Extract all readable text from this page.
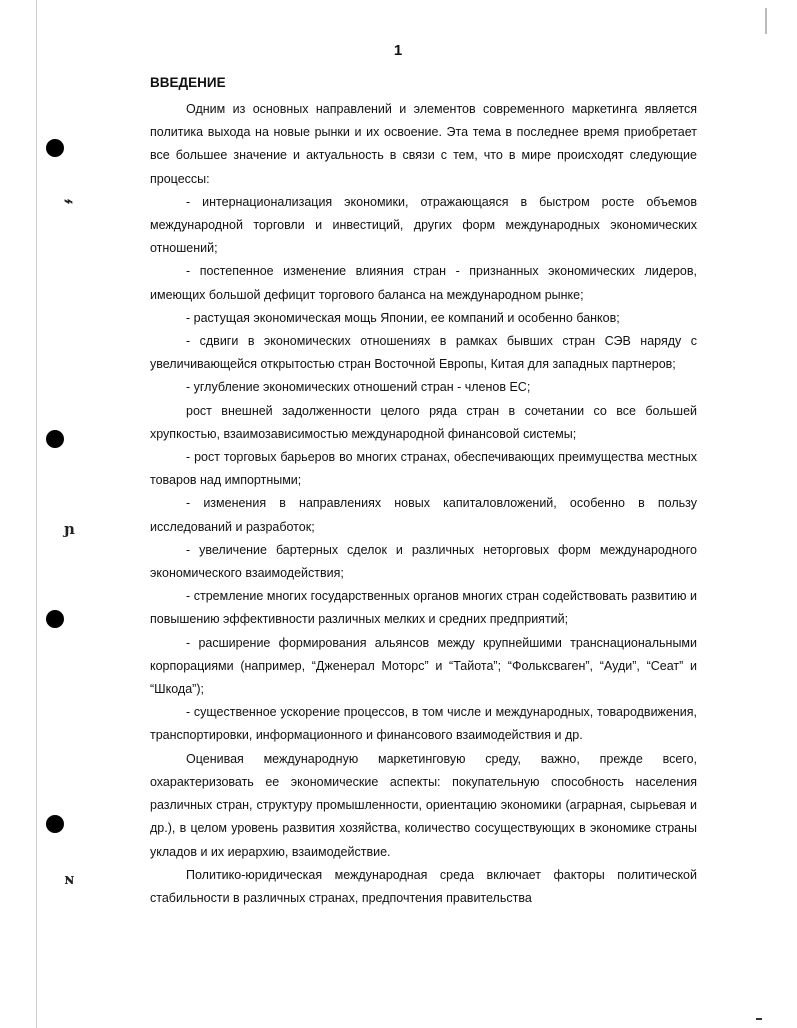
⌁
ɲ
ɴ
1
ВВЕДЕНИЕ

Одним из основных направлений и элементов современного маркетинга является политика выхода на новые рынки и их освоение. Эта тема в последнее время приобретает все большее значение и актуальность в связи с тем, что в мире происходят следующие процессы:

- интернационализация экономики, отражающаяся в быстром росте объемов международной торговли и инвестиций, других форм международных экономических отношений;

- постепенное изменение влияния стран - признанных экономических лидеров, имеющих большой дефицит торгового баланса на международном рынке;

- растущая экономическая мощь Японии, ее компаний и особенно банков;

- сдвиги в экономических отношениях в рамках бывших стран СЭВ наряду с увеличивающейся открытостью стран Восточной Европы, Китая для западных партнеров;

- углубление экономических отношений стран - членов ЕС;

рост внешней задолженности целого ряда стран в сочетании со все большей хрупкостью, взаимозависимостью международной финансовой системы;

- рост торговых барьеров во многих странах, обеспечивающих преимущества местных товаров над импортными;

- изменения в направлениях новых капиталовложений, особенно в пользу исследований и разработок;

- увеличение бартерных сделок и различных неторговых форм международного экономического взаимодействия;

- стремление многих государственных органов многих стран содействовать развитию и повышению эффективности различных мелких и средних предприятий;

- расширение формирования альянсов между крупнейшими транснациональными корпорациями (например, “Дженерал Моторс” и “Тайота”; “Фольксваген”, “Ауди”, “Сеат” и “Шкода”);

- существенное ускорение процессов, в том числе и международных, товародвижения, транспортировки, информационного и финансового взаимодействия и др.

Оценивая международную маркетинговую среду, важно, прежде всего, охарактеризовать ее экономические аспекты: покупательную способность населения различных стран, структуру промышленности, ориентацию экономики (аграрная, сырьевая и др.), в целом уровень развития хозяйства, количество сосуществующих в экономике страны укладов и их иерархию, взаимодействие.

Политико-юридическая международная среда включает факторы политической стабильности в различных странах, предпочтения правительства
